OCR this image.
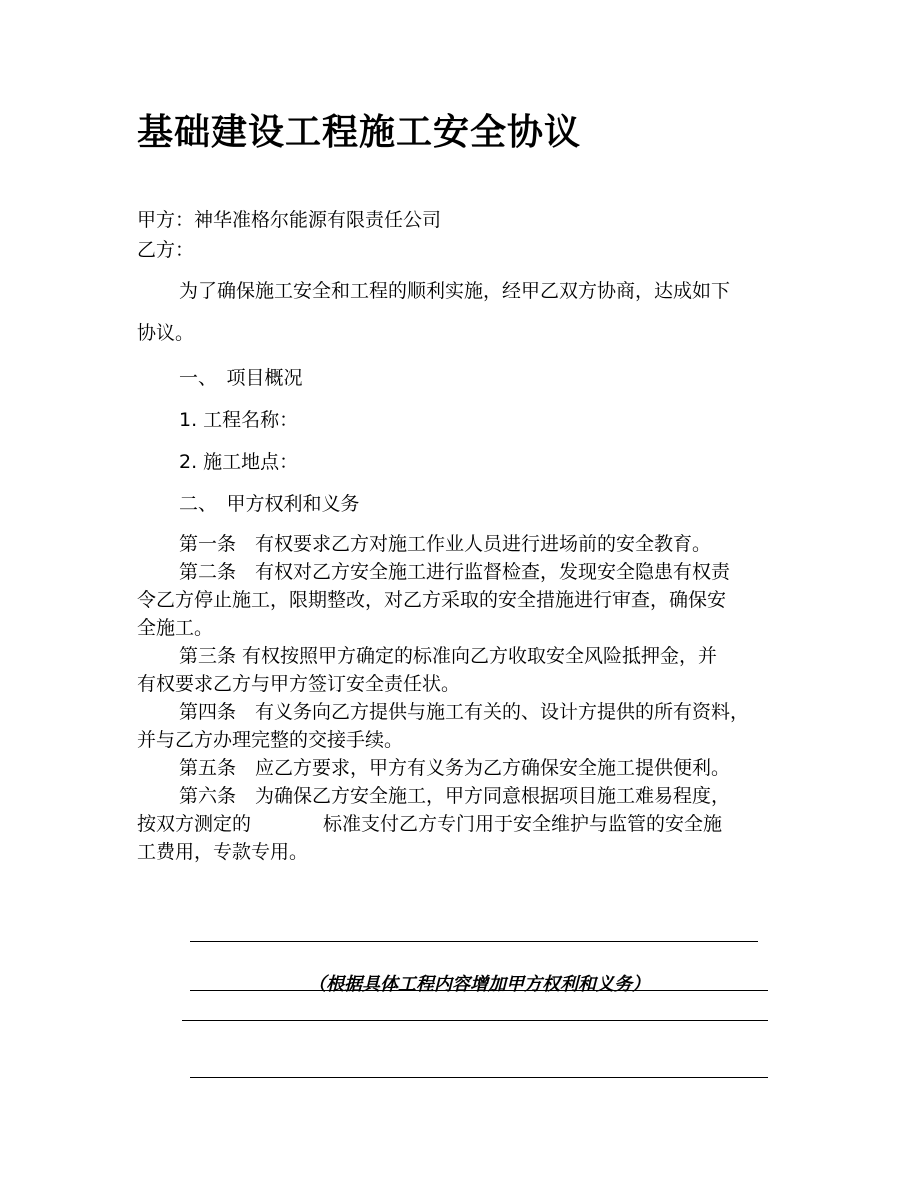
基础建设工程施工安全协议
甲方：神华准格尔能源有限责任公司
乙方：
为了确保施工安全和工程的顺利实施，经甲乙双方协商，达成如下
协议。
一、　项目概况
1. 工程名称：
2. 施工地点：
二、　甲方权利和义务
第一条　有权要求乙方对施工作业人员进行进场前的安全教育。
第二条　有权对乙方安全施工进行监督检查，发现安全隐患有权责
令乙方停止施工，限期整改，对乙方采取的安全措施进行审查，确保安
全施工。
第三条 有权按照甲方确定的标准向乙方收取安全风险抵押金，并
有权要求乙方与甲方签订安全责任状。
第四条　有义务向乙方提供与施工有关的、设计方提供的所有资料，
并与乙方办理完整的交接手续。
第五条　应乙方要求，甲方有义务为乙方确保安全施工提供便利。
第六条　为确保乙方安全施工，甲方同意根据项目施工难易程度，
按双方测定的	标准支付乙方专门用于安全维护与监管的安全施
工费用，专款专用。
（根据具体工程内容增加甲方权利和义务）
